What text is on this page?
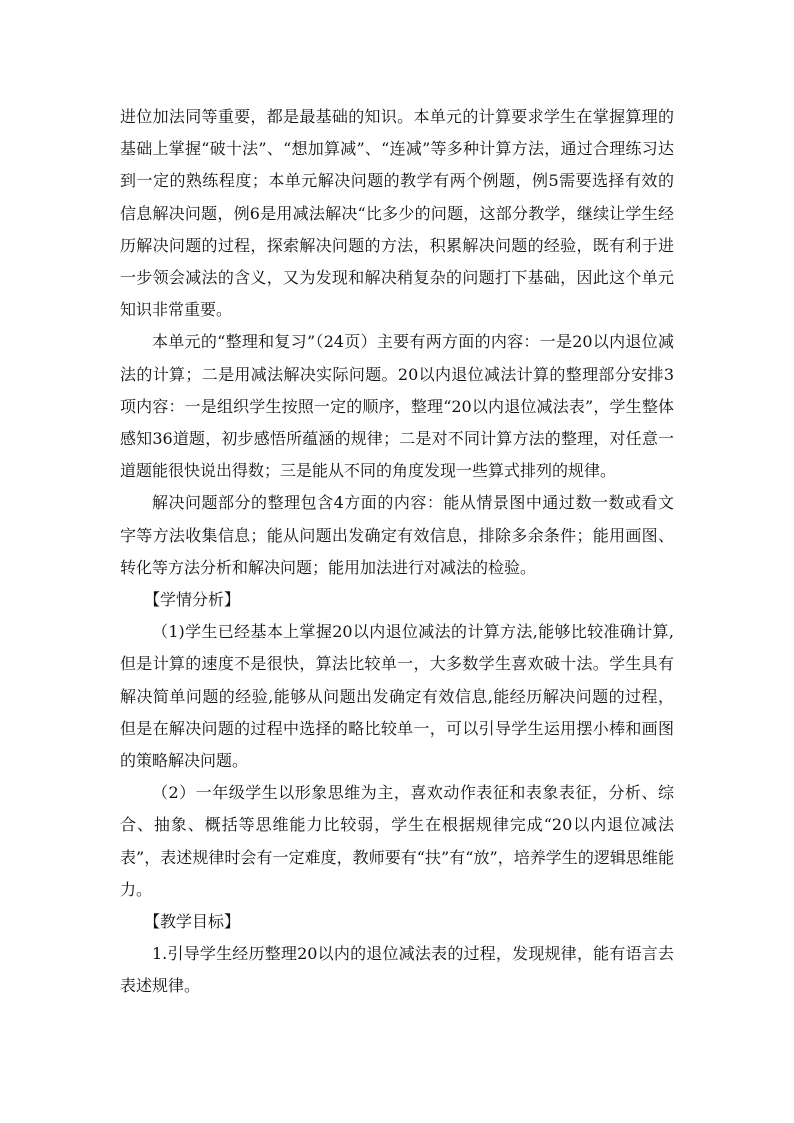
进位加法同等重要，都是最基础的知识。本单元的计算要求学生在掌握算理的基础上掌握“破十法”、“想加算减”、“连减”等多种计算方法，通过合理练习达到一定的熟练程度；本单元解决问题的教学有两个例题，例5需要选择有效的信息解决问题，例6是用减法解决“比多少的问题，这部分教学，继续让学生经历解决问题的过程，探索解决问题的方法，积累解决问题的经验，既有利于进一步领会减法的含义，又为发现和解决稍复杂的问题打下基础，因此这个单元知识非常重要。

本单元的“整理和复习”（24页）主要有两方面的内容：一是20以内退位减法的计算；二是用减法解决实际问题。20以内退位减法计算的整理部分安排3项内容：一是组织学生按照一定的顺序，整理“20以内退位减法表”，学生整体感知36道题，初步感悟所蕴涵的规律；二是对不同计算方法的整理，对任意一道题能很快说出得数；三是能从不同的角度发现一些算式排列的规律。

解决问题部分的整理包含4方面的内容：能从情景图中通过数一数或看文字等方法收集信息；能从问题出发确定有效信息，排除多余条件；能用画图、转化等方法分析和解决问题；能用加法进行对减法的检验。

【学情分析】

（1)学生已经基本上掌握20以内退位减法的计算方法,能够比较准确计算,但是计算的速度不是很快，算法比较单一，大多数学生喜欢破十法。学生具有解决简单问题的经验,能够从问题出发确定有效信息,能经历解决问题的过程，但是在解决问题的过程中选择的略比较单一，可以引导学生运用摆小棒和画图的策略解决问题。

（2）一年级学生以形象思维为主，喜欢动作表征和表象表征，分析、综合、抽象、概括等思维能力比较弱，学生在根据规律完成“20以内退位减法表”，表述规律时会有一定难度，教师要有“扶”有“放”，培养学生的逻辑思维能力。

【教学目标】

1.引导学生经历整理20以内的退位减法表的过程，发现规律，能有语言去表述规律。
